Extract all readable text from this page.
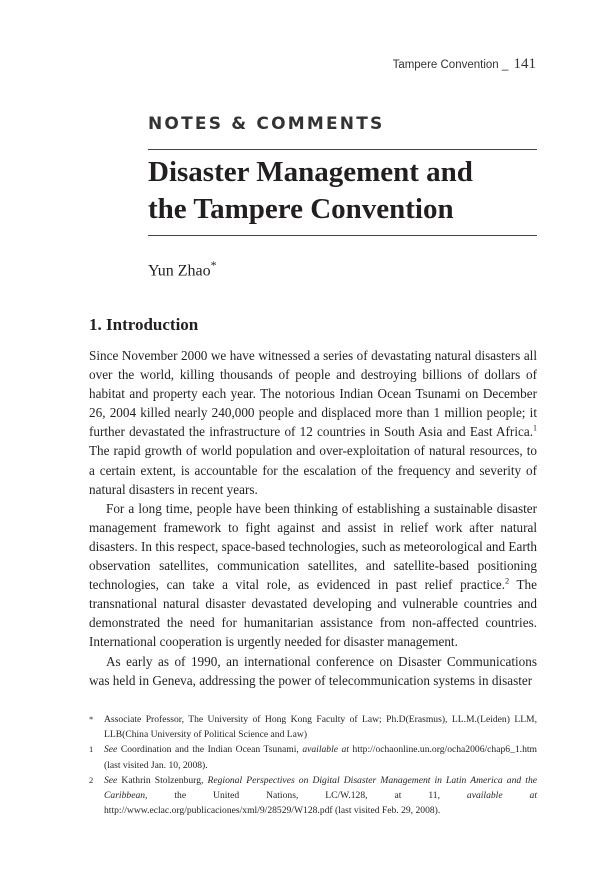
Tampere Convention _ 141
NOTES & COMMENTS
Disaster Management and
the Tampere Convention
Yun Zhao*
1. Introduction

Since November 2000 we have witnessed a series of devastating natural disasters all over the world, killing thousands of people and destroying billions of dollars of habitat and property each year. The notorious Indian Ocean Tsunami on December 26, 2004 killed nearly 240,000 people and displaced more than 1 million people; it further devastated the infrastructure of 12 countries in South Asia and East Africa.$^1$ The rapid growth of world population and over-exploitation of natural resources, to a certain extent, is accountable for the escalation of the frequency and severity of natural disasters in recent years.

For a long time, people have been thinking of establishing a sustainable disaster management framework to fight against and assist in relief work after natural disasters. In this respect, space-based technologies, such as meteorological and Earth observation satellites, communication satellites, and satellite-based positioning technologies, can take a vital role, as evidenced in past relief practice.$^2$ The transnational natural disaster devastated developing and vulnerable countries and demonstrated the need for humanitarian assistance from non-affected countries. International cooperation is urgently needed for disaster management.

As early as of 1990, an international conference on Disaster Communications was held in Geneva, addressing the power of telecommunication systems in disaster

* Associate Professor, The University of Hong Kong Faculty of Law; Ph.D(Erasmus), LL.M.(Leiden) LLM, LLB(China University of Political Science and Law)
1 See Coordination and the Indian Ocean Tsunami, available at http://ochaonline.un.org/ocha2006/chap6_1.htm (last visited Jan. 10, 2008).
2 See Kathrin Stolzenburg, Regional Perspectives on Digital Disaster Management in Latin America and the Caribbean, the United Nations, LC/W.128, at 11, available at http://www.eclac.org/publicaciones/xml/9/28529/W128.pdf (last visited Feb. 29, 2008).
